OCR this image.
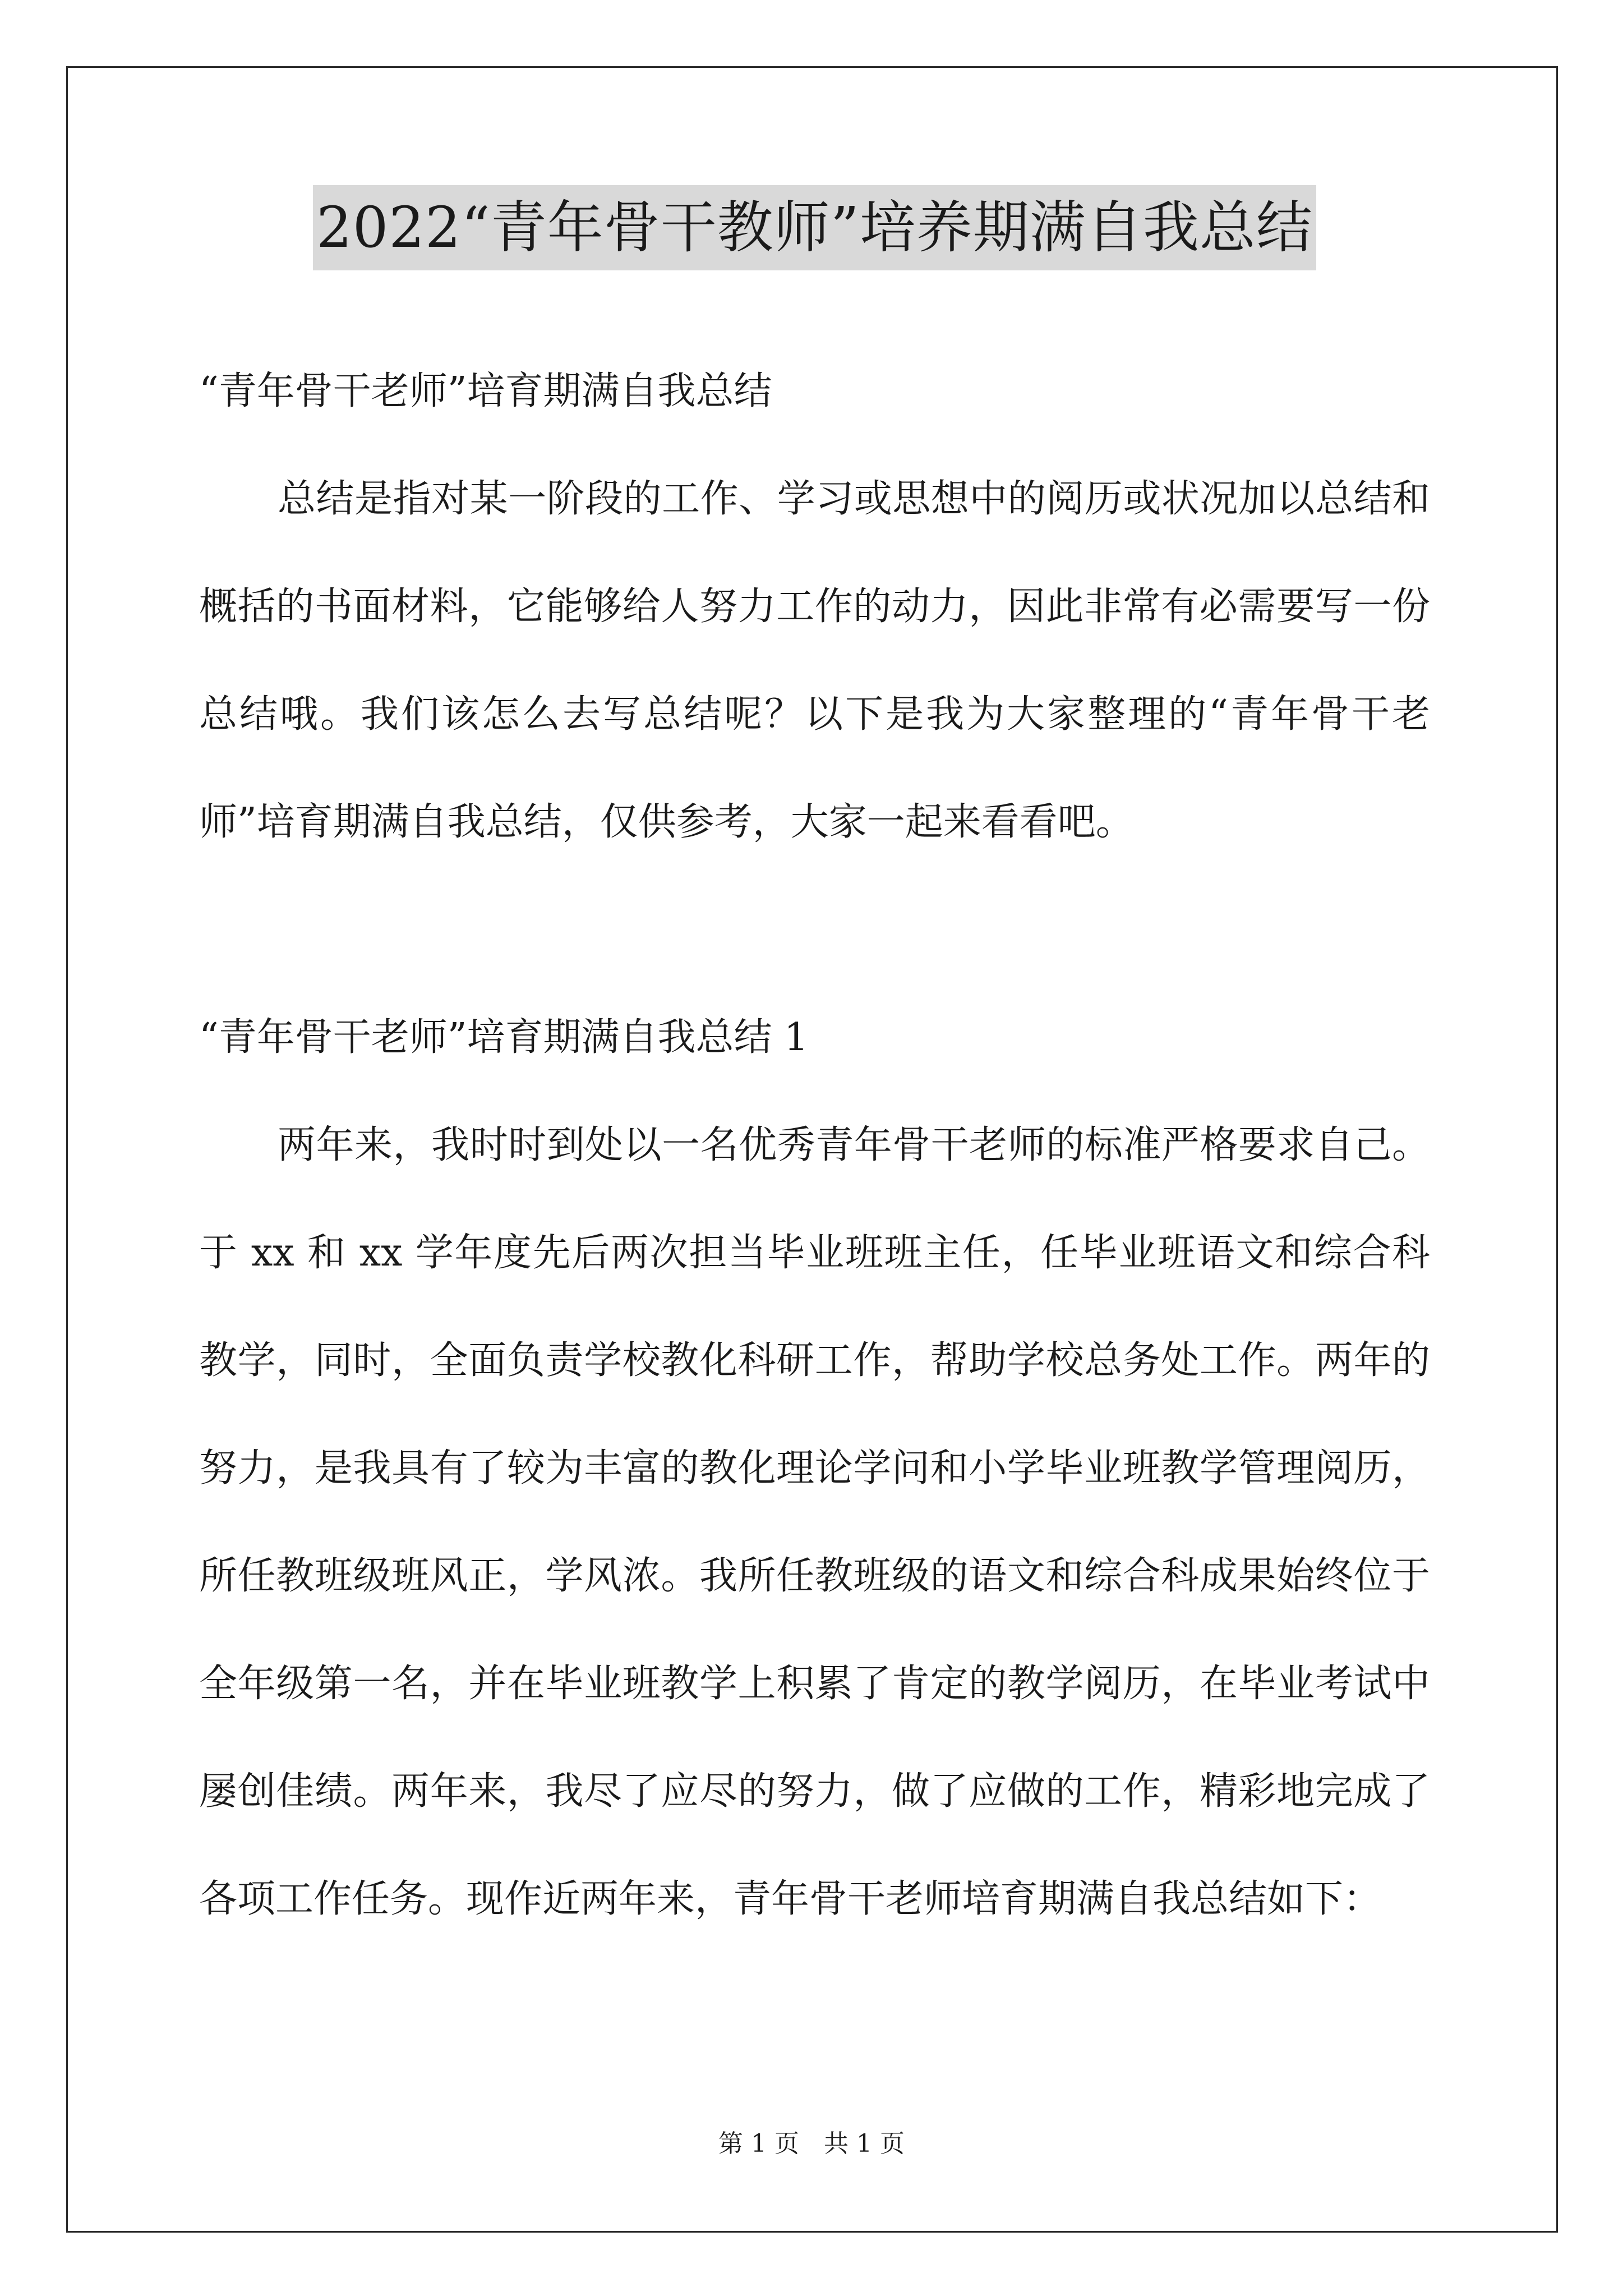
2022“青年骨干教师”培养期满自我总结

“青年骨干老师”培育期满自我总结

总结是指对某一阶段的工作、学习或思想中的阅历或状况加以总结和概括的书面材料，它能够给人努力工作的动力，因此非常有必需要写一份总结哦。我们该怎么去写总结呢？以下是我为大家整理的“青年骨干老师”培育期满自我总结，仅供参考，大家一起来看看吧。

“青年骨干老师”培育期满自我总结 1

两年来，我时时到处以一名优秀青年骨干老师的标准严格要求自己。于 xx 和 xx 学年度先后两次担当毕业班班主任，任毕业班语文和综合科教学，同时，全面负责学校教化科研工作，帮助学校总务处工作。两年的努力，是我具有了较为丰富的教化理论学问和小学毕业班教学管理阅历，所任教班级班风正，学风浓。我所任教班级的语文和综合科成果始终位于全年级第一名，并在毕业班教学上积累了肯定的教学阅历，在毕业考试中屡创佳绩。两年来，我尽了应尽的努力，做了应做的工作，精彩地完成了各项工作任务。现作近两年来，青年骨干老师培育期满自我总结如下：

第 1 页　共 1 页
